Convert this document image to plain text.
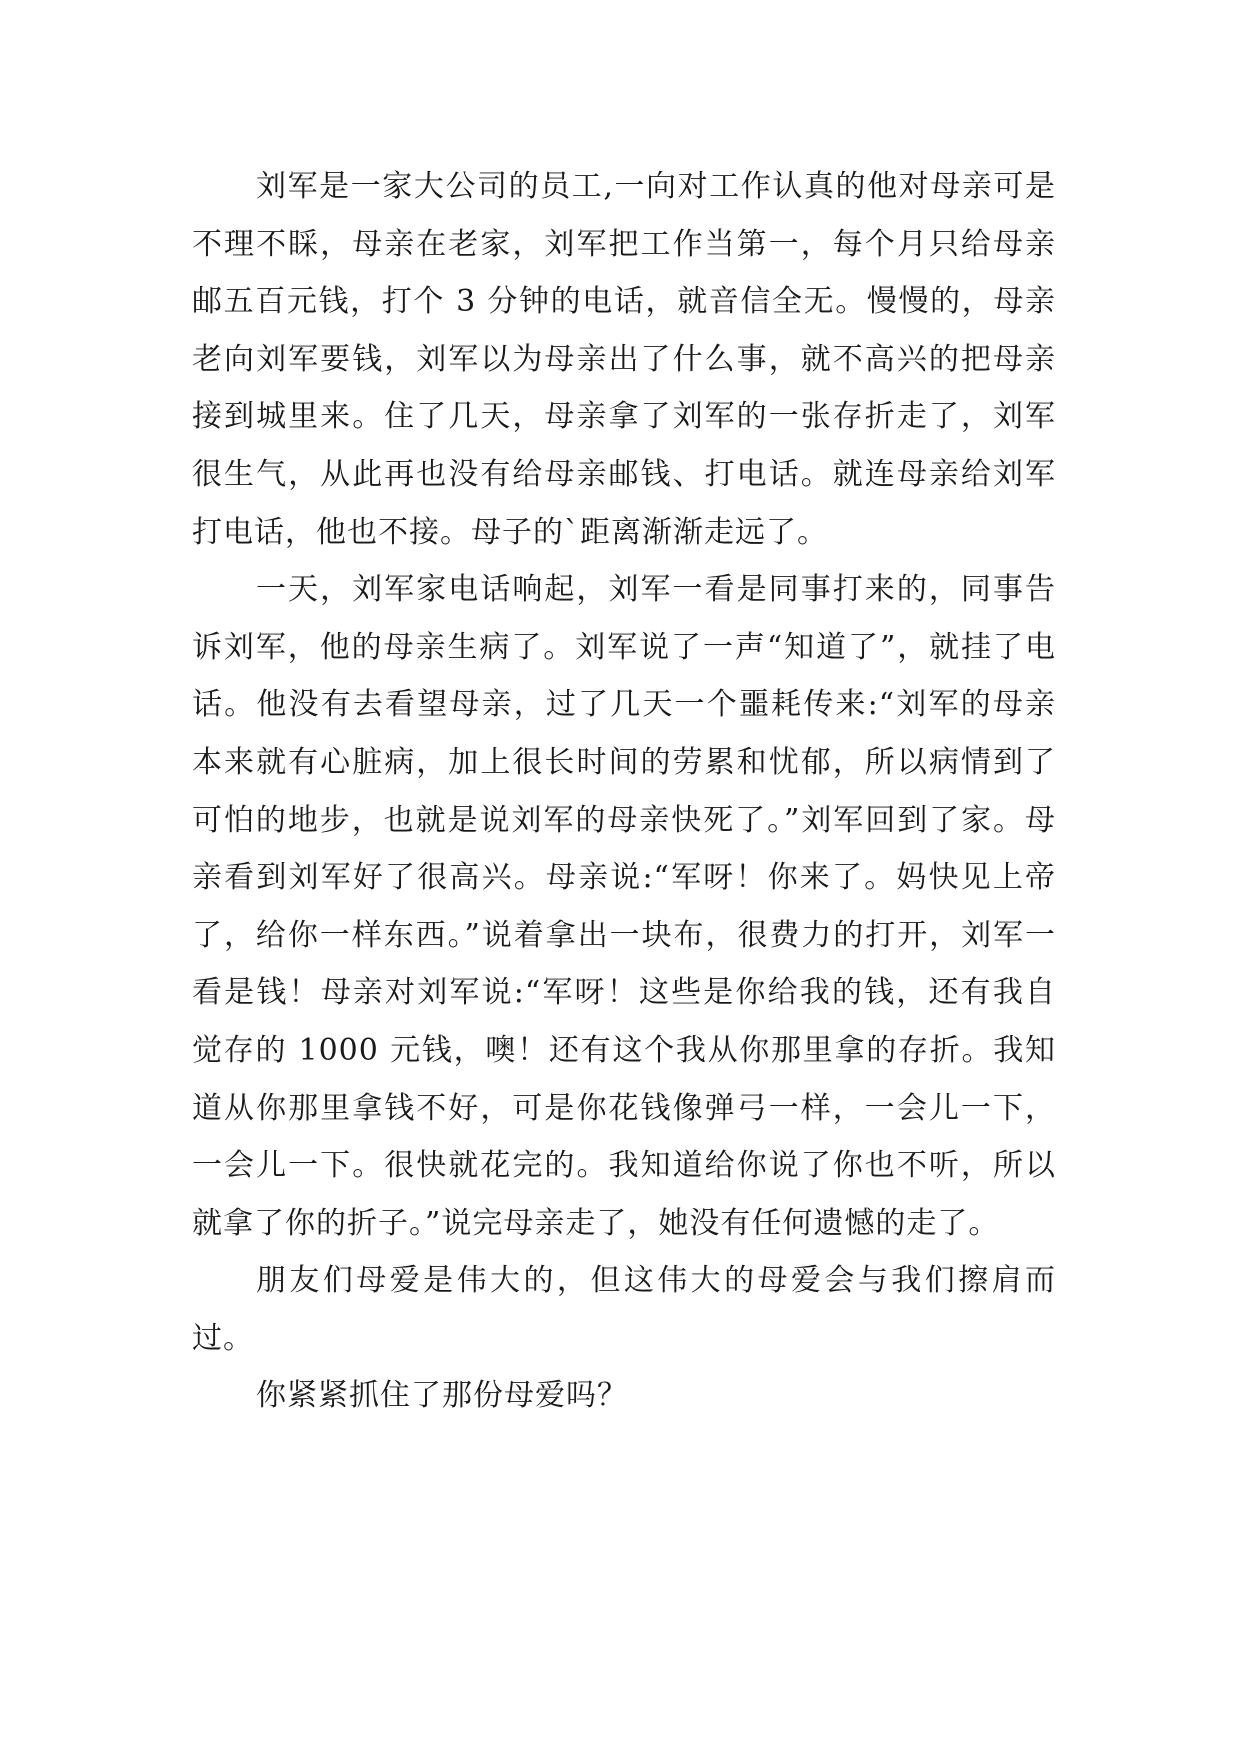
刘军是一家大公司的员工,一向对工作认真的他对母亲可是不理不睬，母亲在老家，刘军把工作当第一，每个月只给母亲邮五百元钱，打个 3 分钟的电话，就音信全无。慢慢的，母亲老向刘军要钱，刘军以为母亲出了什么事，就不高兴的把母亲接到城里来。住了几天，母亲拿了刘军的一张存折走了，刘军很生气，从此再也没有给母亲邮钱、打电话。就连母亲给刘军打电话，他也不接。母子的`距离渐渐走远了。

一天，刘军家电话响起，刘军一看是同事打来的，同事告诉刘军，他的母亲生病了。刘军说了一声“知道了”，就挂了电话。他没有去看望母亲，过了几天一个噩耗传来:“刘军的母亲本来就有心脏病，加上很长时间的劳累和忧郁，所以病情到了可怕的地步，也就是说刘军的母亲快死了。”刘军回到了家。母亲看到刘军好了很高兴。母亲说:“军呀！你来了。妈快见上帝了，给你一样东西。”说着拿出一块布，很费力的打开，刘军一看是钱！母亲对刘军说:“军呀！这些是你给我的钱，还有我自觉存的 1000 元钱，噢！还有这个我从你那里拿的存折。我知道从你那里拿钱不好，可是你花钱像弹弓一样，一会儿一下，一会儿一下。很快就花完的。我知道给你说了你也不听，所以就拿了你的折子。”说完母亲走了，她没有任何遗憾的走了。

朋友们母爱是伟大的，但这伟大的母爱会与我们擦肩而过。

你紧紧抓住了那份母爱吗？
